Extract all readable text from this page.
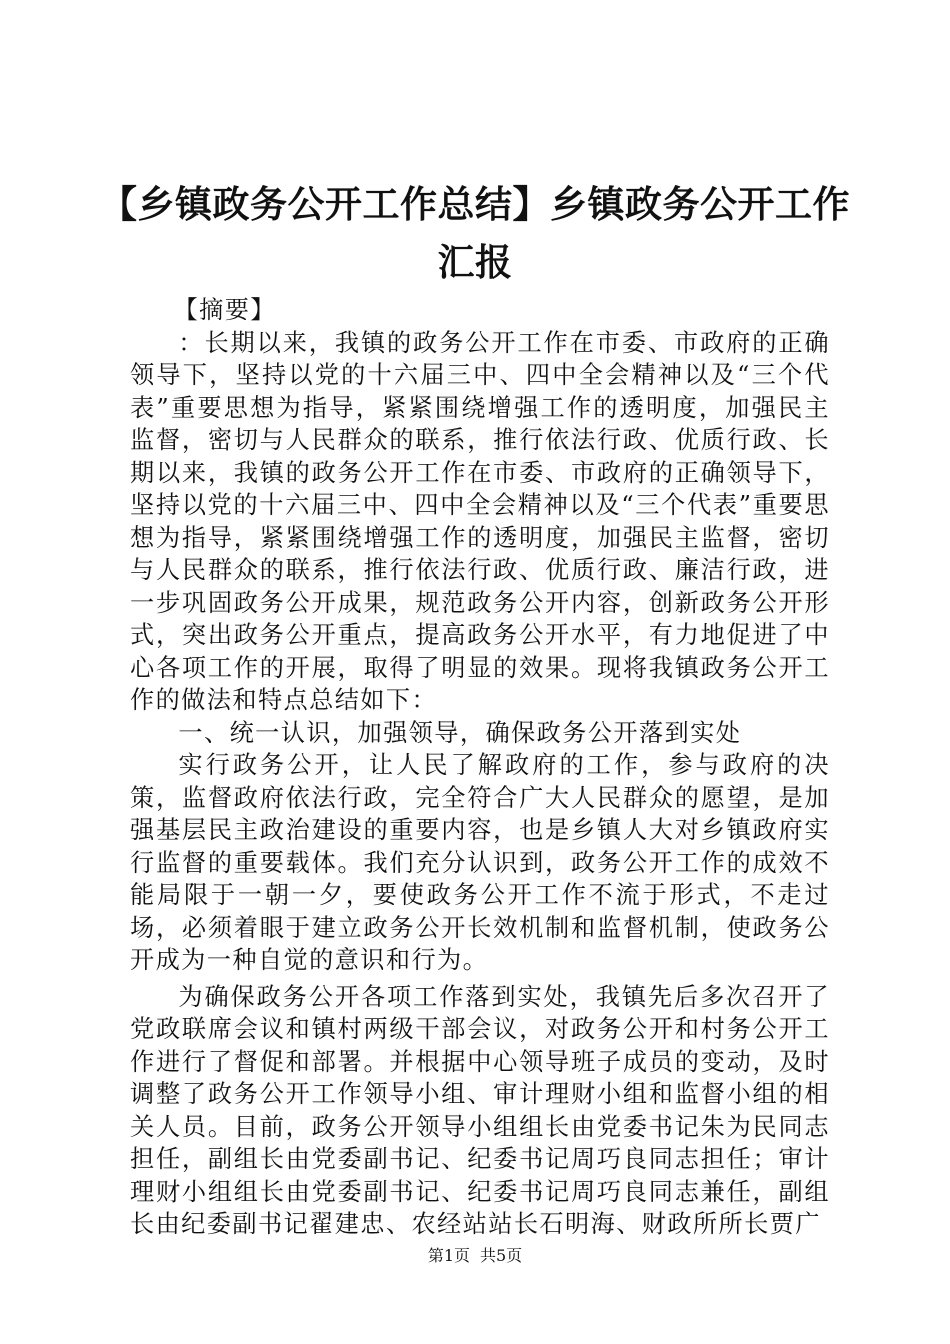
【乡镇政务公开工作总结】乡镇政务公开工作
汇报

【摘要】

：长期以来，我镇的政务公开工作在市委、市政府的正确领导下，坚持以党的十六届三中、四中全会精神以及“三个代表”重要思想为指导，紧紧围绕增强工作的透明度，加强民主监督，密切与人民群众的联系，推行依法行政、优质行政、长期以来，我镇的政务公开工作在市委、市政府的正确领导下，坚持以党的十六届三中、四中全会精神以及“三个代表”重要思想为指导，紧紧围绕增强工作的透明度，加强民主监督，密切与人民群众的联系，推行依法行政、优质行政、廉洁行政，进一步巩固政务公开成果，规范政务公开内容，创新政务公开形式，突出政务公开重点，提高政务公开水平，有力地促进了中心各项工作的开展，取得了明显的效果。现将我镇政务公开工作的做法和特点总结如下：

一、统一认识，加强领导，确保政务公开落到实处

实行政务公开，让人民了解政府的工作，参与政府的决策，监督政府依法行政，完全符合广大人民群众的愿望，是加强基层民主政治建设的重要内容，也是乡镇人大对乡镇政府实行监督的重要载体。我们充分认识到，政务公开工作的成效不能局限于一朝一夕，要使政务公开工作不流于形式，不走过场，必须着眼于建立政务公开长效机制和监督机制，使政务公开成为一种自觉的意识和行为。

为确保政务公开各项工作落到实处，我镇先后多次召开了党政联席会议和镇村两级干部会议，对政务公开和村务公开工作进行了督促和部署。并根据中心领导班子成员的变动，及时调整了政务公开工作领导小组、审计理财小组和监督小组的相关人员。目前，政务公开领导小组组长由党委书记朱为民同志担任，副组长由党委副书记、纪委书记周巧良同志担任；审计理财小组组长由党委副书记、纪委书记周巧良同志兼任，副组长由纪委副书记翟建忠、农经站站长石明海、财政所所长贾广

第1页 共5页
